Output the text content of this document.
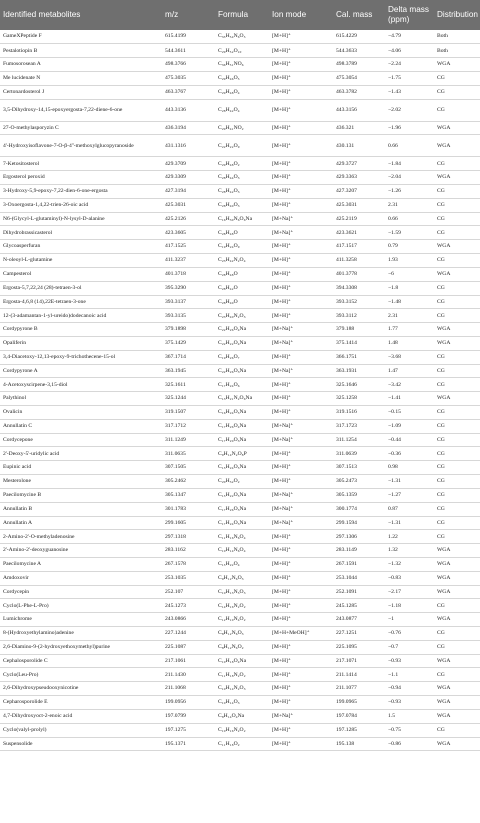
Identified metabolites	m/z	Formula	Ion mode	Cal. mass	Delta mass (ppm)	Distribution
GameXPeptide F	615.4199	C₃₅H₅₄N₆O₅	[M+H]⁺	615.4229	−4.79	Both
Pestalotiopin B	544.3611	C₂₉H₅₂O₁₀	[M+H]⁺	544.3633	−4.06	Both
Fumosorosean A	498.3766	C₃₆H₅₁NO₆	[M+H]⁺	498.3789	−2.24	WGA
Me lucidenate N	475.3035	C₂₉H₄₆O₅	[M+H]⁺	475.3054	−1.75	CG
Certonardosterol J	463.3767	C₂₉H₄₈O₄	[M+H]⁺	463.3782	−1.43	CG
3,5-Dihydroxy-14,15-epoxyergosta-7,22-diene-6-one	443.3136	C₂₈H₄₂O₄	[M+H]⁺	443.3156	−2.02	CG
27-O-methylasporyzin C	436.3194	C₂₉H₄₁NO₂	[M+H]⁺	436.321	−1.96	WGA
4'-Hydroxyisoflavone-7-O-β-4''-methoxylglucopyranoside	431.1316	C₂₂H₂₂O₉	[M+H]⁺	430.131	0.66	WGA
7-Ketositosterol	429.3709	C₂₉H₄₈O₂	[M+H]⁺	429.3727	−1.84	CG
Ergosterol peroxid	429.3309	C₂₈H₄₄O₃	[M+H]⁺	429.3363	−2.04	WGA
3-Hydroxy-5,9-epoxy-7,22-dien-6-one-ergosta	427.3194	C₂₈H₄₂O₃	[M+H]⁺	427.3207	−1.26	CG
3-Oxoergosta-1,4,22-trien-26-oic acid	425.3031	C₂₈H₄₀O₃	[M+H]⁺	425.3031	2.31	CG
N6-(Glycyl-L-glutaminyl)-N-lysyl-D-alanine	425.2126	C₁₆H₃₀N₆O₆Na	[M+Na]⁺	425.2119	0.66	CG
Dihydrobrassicasterol	423.3605	C₂₈H₄₈O	[M+Na]⁺	423.3621	−1.59	CG
Glycoasperfuran	417.1525	C₁₉H₂₄O₉	[M+H]⁺	417.1517	0.79	WGA
N-oleoyl-L-glutamine	411.3237	C₂₃H₄₂N₂O₄	[M+H]⁺	411.3258	1.93	CG
Campesterol	401.3718	C₂₈H₄₈O	[M+H]⁺	401.3778	−6	WGA
Ergosta-5,7,22,24 (28)-tetraen-3-ol	395.3290	C₂₈H₄₂O	[M+H]⁺	394.3308	−1.8	CG
Ergosta-4,6,8 (14),22E-tetraen-3-one	393.3137	C₂₈H₄₀O	[M+H]⁺	393.3152	−1.48	CG
12-(3-adamantan-1-yl-ureido)dodecanoic acid	393.3135	C₂₃H₄₀N₂O₃	[M+H]⁺	393.3112	2.31	CG
Cordypyrone B	379.1898	C₂₂H₂₆O₄Na	[M+Na]⁺	379.188	1.77	WGA
Opaliferin	375.1429	C₂₂H₂₂O₄Na	[M+Na]⁺	375.1414	1.48	WGA
3,4-Diacetoxy-12,13-epoxy-9-trichothecene-15-ol	367.1714	C₁₉H₂₆O₇	[M+H]⁺	366.1751	−3.68	CG
Cordypyrone A	363.1945	C₂₂H₂₆O₃Na	[M+Na]⁺	363.1931	1.47	CG
4-Acetoxyscirpene-3,15-diol	325.1611	C₁₇H₂₄O₆	[M+H]⁺	325.1646	−3.42	CG
Palythinol	325.1244	C₁₃H₂₁N₂O₆Na	[M+H]⁺	325.1258	−1.41	WGA
Ovalicin	319.1507	C₁₆H₂₄O₅Na	[M+H]⁺	319.1516	−0.15	CG
Annullatin C	317.1712	C₁₇H₂₆O₄Na	[M+Na]⁺	317.1723	−1.09	CG
Cordycepone	311.1249	C₁₇H₂₀O₃Na	[M+Na]⁺	311.1254	−0.44	CG
2'-Deoxy-5'-uridylic acid	311.0635	C₉H₁₄N₂O₈P	[M+H]⁺	311.0639	−0.36	CG
Eupinic acid	307.1505	C₁₅H₂₄O₅Na	[M+H]⁺	307.1513	0.98	CG
Mesterolone	305.2462	C₂₀H₃₂O₂	[M+H]⁺	305.2473	−1.31	CG
Paecilomycine B	305.1347	C₁₅H₂₂O₅Na	[M+Na]⁺	305.1359	−1.27	CG
Annullatin B	301.1783	C₁₇H₂₆O₃Na	[M+Na]⁺	300.1774	0.87	CG
Annullatin A	299.1605	C₁₇H₂₄O₃Na	[M+Na]⁺	299.1594	−1.31	CG
2-Amino-2'-O-methyladenosine	297.1318	C₁₁H₁₆N₆O₄	[M+H]⁺	297.1306	1.22	CG
2'-Amino-2'-deoxyguanosine	283.1162	C₁₀H₁₄N₆O₄	[M+H]⁺	283.1149	1.32	WGA
Paecilomycine A	267.1578	C₁₅H₂₂O₄	[M+H]⁺	267.1591	−1.32	WGA
Amdoxovir	253.1035	C₉H₁₂N₆O₃	[M+H]⁺	253.1044	−0.83	WGA
Cordycepin	252.107	C₁₀H₁₃N₅O₃	[M+H]⁺	252.1091	−2.17	WGA
Cyclo(L-Phe-L-Pro)	245.1273	C₁₄H₁₆N₂O₂	[M+H]⁺	245.1285	−1.18	CG
Lumichrome	243.0866	C₁₂H₁₀N₄O₂	[M+H]⁺	243.0877	−1	WGA
8-(Hydroxyethylamino)adenine	227.1244	C₈H₁₂N₆O₃	[M+H+MeOH]⁺	227.1251	−0.76	CG
2,6-Diamino-9-(2-hydroxyethoxymethyl)purine	225.1087	C₈H₁₂N₆O₂	[M+H]⁺	225.1095	−0.7	CG
Cephalosporolide C	217.1061	C₁₀H₁₈O₄Na	[M+H]⁺	217.1071	−0.93	WGA
Cyclo(Leu-Pro)	211.1430	C₁₁H₁₈N₂O₂	[M+H]⁺	211.1414	−1.1	CG
2,6-Dihydroxypseudooxynicotine	211.1068	C₁₀H₁₄N₂O₃	[M+H]⁺	211.1077	−0.94	WGA
Cepharosporolide E	199.0956	C₁₀H₁₄O₃	[M+H]⁺	199.0965	−0.93	WGA
4,7-Dihydroxyoct-2-enoic acid	197.0799	C₈H₁₄O₄Na	[M+Na]⁺	197.0784	1.5	WGA
Cyclo(valyl-prolyl)	197.1275	C₁₀H₁₆N₂O₂	[M+H]⁺	197.1285	−0.75	CG
Suspensolide	195.1371	C₁₁H₁₈O₂	[M+H]⁺	195.138	−0.86	WGA
